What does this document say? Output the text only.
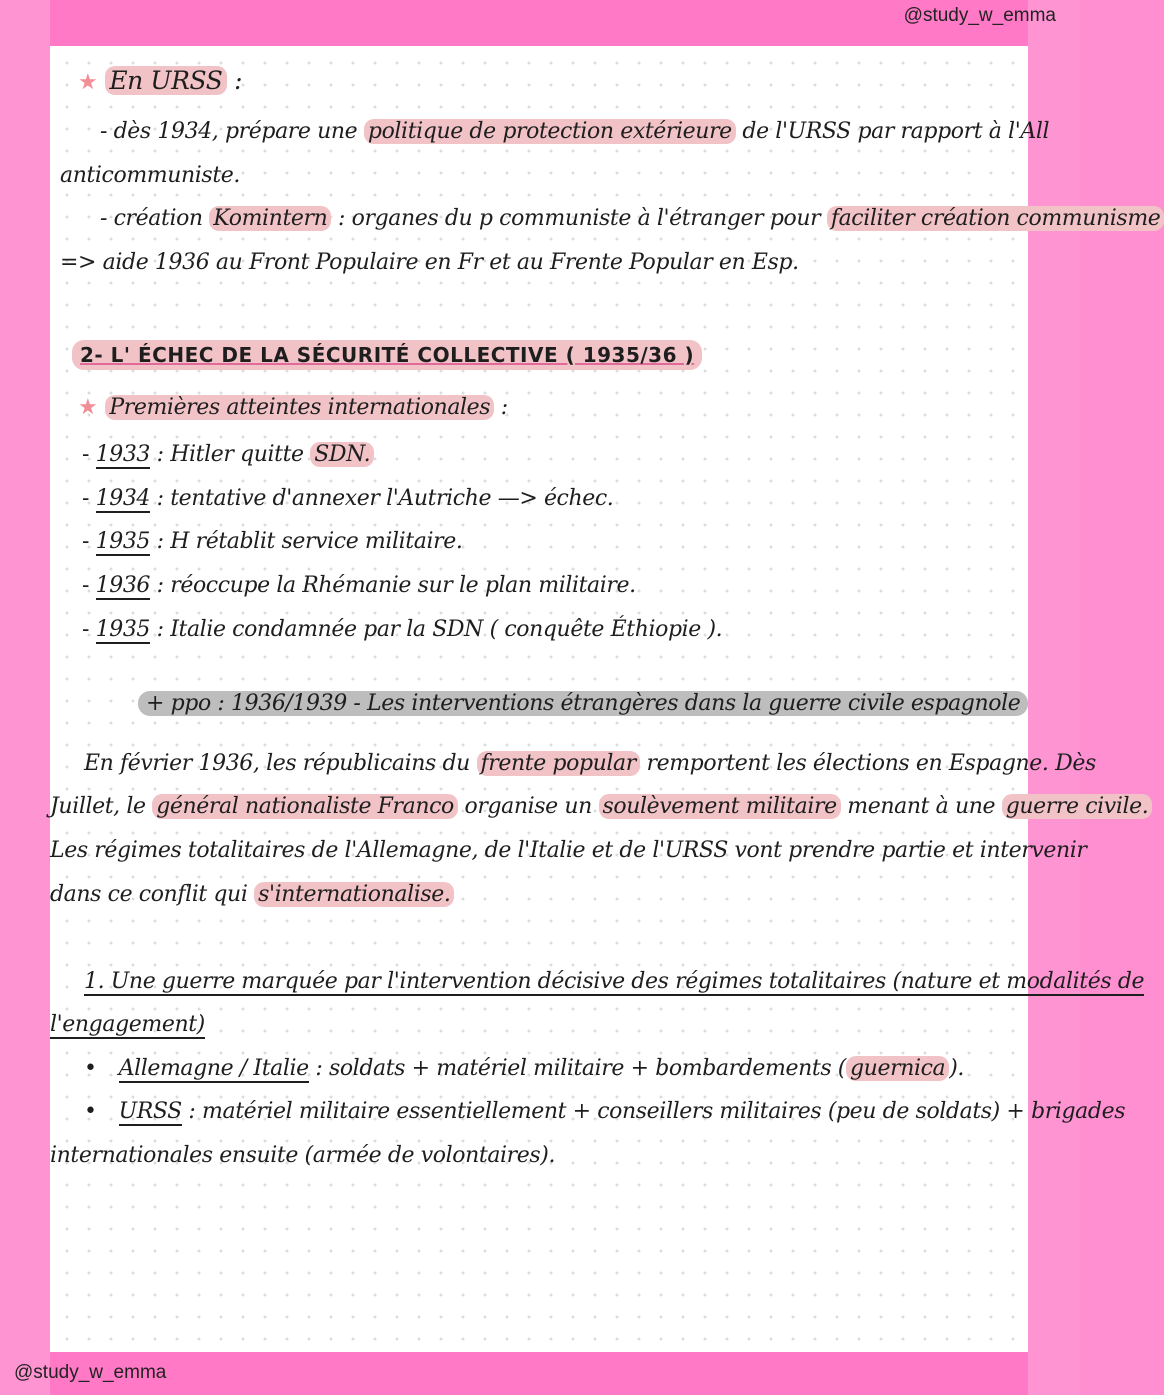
@study_w_emma
@study_w_emma
★ En URSS :
- dès 1934, prépare une politique de protection extérieure de l'URSS par rapport à l'All
anticommuniste.
- création Komintern : organes du p communiste à l'étranger pour faciliter création communisme
=> aide 1936 au Front Populaire en Fr et au Frente Popular en Esp.
2- L' ÉCHEC DE LA SÉCURITÉ COLLECTIVE ( 1935/36 )
★ Premières atteintes internationales :
- 1933 : Hitler quitte SDN.
- 1934 : tentative d'annexer l'Autriche —> échec.
- 1935 : H rétablit service militaire.
- 1936 : réoccupe la Rhémanie sur le plan militaire.
- 1935 : Italie condamnée par la SDN ( conquête Éthiopie ).
+ ppo : 1936/1939 - Les interventions étrangères dans la guerre civile espagnole
En février 1936, les républicains du frente popular remportent les élections en Espagne. Dès
Juillet, le général nationaliste Franco organise un soulèvement militaire menant à une guerre civile.
Les régimes totalitaires de l'Allemagne, de l'Italie et de l'URSS vont prendre partie et intervenir
dans ce conflit qui s'internationalise.
1. Une guerre marquée par l'intervention décisive des régimes totalitaires (nature et modalités de
l'engagement)
• Allemagne / Italie : soldats + matériel militaire + bombardements ( guernica ).
• URSS : matériel militaire essentiellement + conseillers militaires (peu de soldats) + brigades
internationales ensuite (armée de volontaires).
